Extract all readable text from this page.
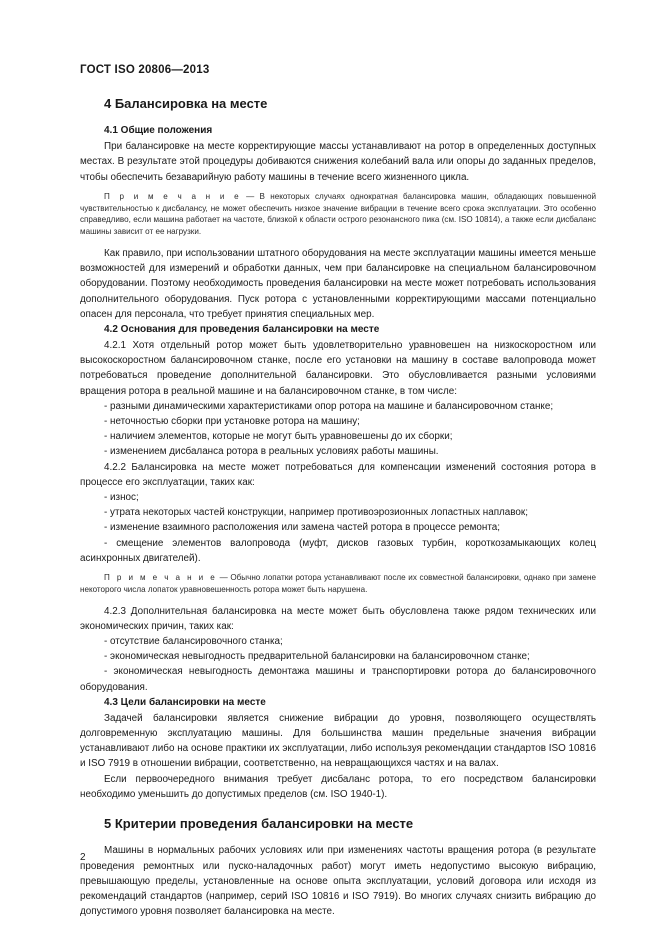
ГОСТ ISO 20806—2013
4 Балансировка на месте
4.1 Общие положения

При балансировке на месте корректирующие массы устанавливают на ротор в определенных доступных местах. В результате этой процедуры добиваются снижения колебаний вала или опоры до заданных пределов, чтобы обеспечить безаварийную работу машины в течение всего жизненного цикла.

П р и м е ч а н и е — В некоторых случаях однократная балансировка машин, обладающих повышенной чувствительностью к дисбалансу, не может обеспечить низкое значение вибрации в течение всего срока эксплуатации. Это особенно справедливо, если машина работает на частоте, близкой к области острого резонансного пика (см. ISO 10814), а также если дисбаланс машины зависит от ее нагрузки.

Как правило, при использовании штатного оборудования на месте эксплуатации машины имеется меньше возможностей для измерений и обработки данных, чем при балансировке на специальном балансировочном оборудовании. Поэтому необходимость проведения балансировки на месте может потребовать использования дополнительного оборудования. Пуск ротора с установленными корректирующими массами потенциально опасен для персонала, что требует принятия специальных мер.

4.2 Основания для проведения балансировки на месте

4.2.1 Хотя отдельный ротор может быть удовлетворительно уравновешен на низкоскоростном или высокоскоростном балансировочном станке, после его установки на машину в составе валопровода может потребоваться проведение дополнительной балансировки. Это обусловливается разными условиями вращения ротора в реальной машине и на балансировочном станке, в том числе:

- разными динамическими характеристиками опор ротора на машине и балансировочном станке;

- неточностью сборки при установке ротора на машину;

- наличием элементов, которые не могут быть уравновешены до их сборки;

- изменением дисбаланса ротора в реальных условиях работы машины.

4.2.2 Балансировка на месте может потребоваться для компенсации изменений состояния ротора в процессе его эксплуатации, таких как:

- износ;

- утрата некоторых частей конструкции, например противоэрозионных лопастных наплавок;

- изменение взаимного расположения или замена частей ротора в процессе ремонта;

- смещение элементов валопровода (муфт, дисков газовых турбин, короткозамыкающих колец асинхронных двигателей).

П р и м е ч а н и е — Обычно лопатки ротора устанавливают после их совместной балансировки, однако при замене некоторого числа лопаток уравновешенность ротора может быть нарушена.

4.2.3 Дополнительная балансировка на месте может быть обусловлена также рядом технических или экономических причин, таких как:

- отсутствие балансировочного станка;

- экономическая невыгодность предварительной балансировки на балансировочном станке;

- экономическая невыгодность демонтажа машины и транспортировки ротора до балансировочного оборудования.

4.3 Цели балансировки на месте

Задачей балансировки является снижение вибрации до уровня, позволяющего осуществлять долговременную эксплуатацию машины. Для большинства машин предельные значения вибрации устанавливают либо на основе практики их эксплуатации, либо используя рекомендации стандартов ISO 10816 и ISO 7919 в отношении вибрации, соответственно, на невращающихся частях и на валах.

Если первоочередного внимания требует дисбаланс ротора, то его посредством балансировки необходимо уменьшить до допустимых пределов (см. ISO 1940-1).

5 Критерии проведения балансировки на месте

Машины в нормальных рабочих условиях или при изменениях частоты вращения ротора (в результате проведения ремонтных или пуско-наладочных работ) могут иметь недопустимо высокую вибрацию, превышающую пределы, установленные на основе опыта эксплуатации, условий договора или исходя из рекомендаций стандартов (например, серий ISO 10816 и ISO 7919). Во многих случаях снизить вибрацию до допустимого уровня позволяет балансировка на месте.

2
